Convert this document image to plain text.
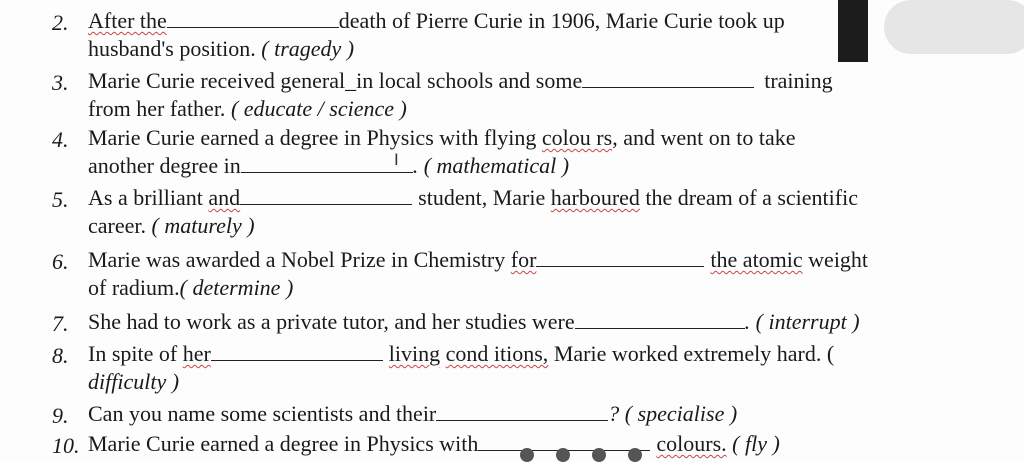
2. After the	death of Pierre Curie in 1906, Marie Curie took up
husband's position. ( tragedy )
3. Marie Curie received general_in local schools and some	training
from her father. ( educate / science )
4. Marie Curie earned a degree in Physics with flying colou rs, and went on to take
another degree in	. ( mathematical )
I
5. As a brilliant and	student, Marie harboured the dream of a scientific
career. ( maturely )
6. Marie was awarded a Nobel Prize in Chemistry for	the atomic weight
of radium.( determine )
7. She had to work as a private tutor, and her studies were	. ( interrupt )
8. In spite of her	living cond itions, Marie worked extremely hard. (
difficulty )
9. Can you name some scientists and their	? ( specialise )
10. Marie Curie earned a degree in Physics with	colours. ( fly )
